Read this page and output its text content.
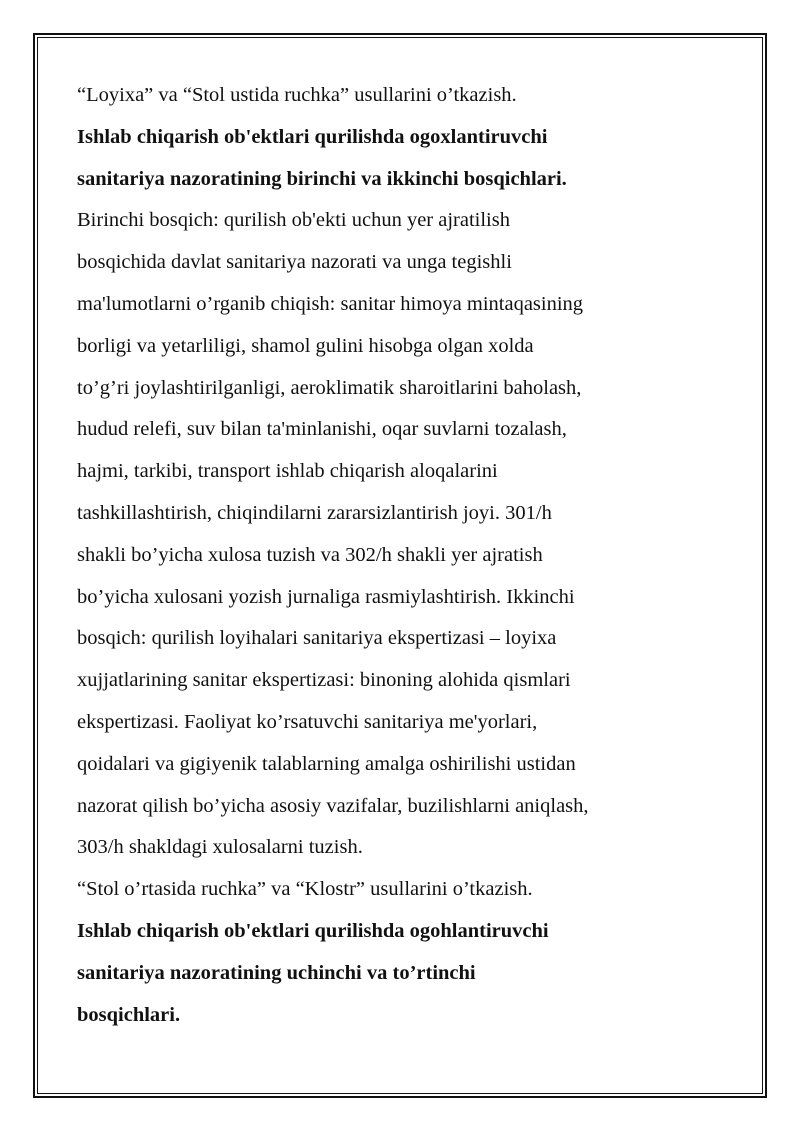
“Loyixa” va “Stol ustida ruchka” usullarini o’tkazish.
Ishlab chiqarish ob'ektlari qurilishda ogoxlantiruvchi
sanitariya nazoratining birinchi va ikkinchi bosqichlari.
Birinchi bosqich: qurilish ob'ekti uchun yer ajratilish
bosqichida davlat sanitariya nazorati va unga tegishli
ma'lumotlarni o’rganib chiqish: sanitar himoya mintaqasining
borligi va yetarliligi, shamol gulini hisobga olgan xolda
to’g’ri joylashtirilganligi, aeroklimatik sharoitlarini baholash,
hudud relefi, suv bilan ta'minlanishi, oqar suvlarni tozalash,
hajmi, tarkibi, transport ishlab chiqarish aloqalarini
tashkillashtirish, chiqindilarni zararsizlantirish joyi. 301/h
shakli bo’yicha xulosa tuzish va 302/h shakli yer ajratish
bo’yicha xulosani yozish jurnaliga rasmiylashtirish. Ikkinchi
bosqich: qurilish loyihalari sanitariya ekspertizasi – loyixa
xujjatlarining sanitar ekspertizasi: binoning alohida qismlari
ekspertizasi. Faoliyat ko’rsatuvchi sanitariya me'yorlari,
qoidalari va gigiyenik talablarning amalga oshirilishi ustidan
nazorat qilish bo’yicha asosiy vazifalar, buzilishlarni aniqlash,
303/h shakldagi xulosalarni tuzish.
“Stol o’rtasida ruchka” va “Klostr” usullarini o’tkazish.
Ishlab chiqarish ob'ektlari qurilishda ogohlantiruvchi
sanitariya nazoratining uchinchi va to’rtinchi
bosqichlari.
